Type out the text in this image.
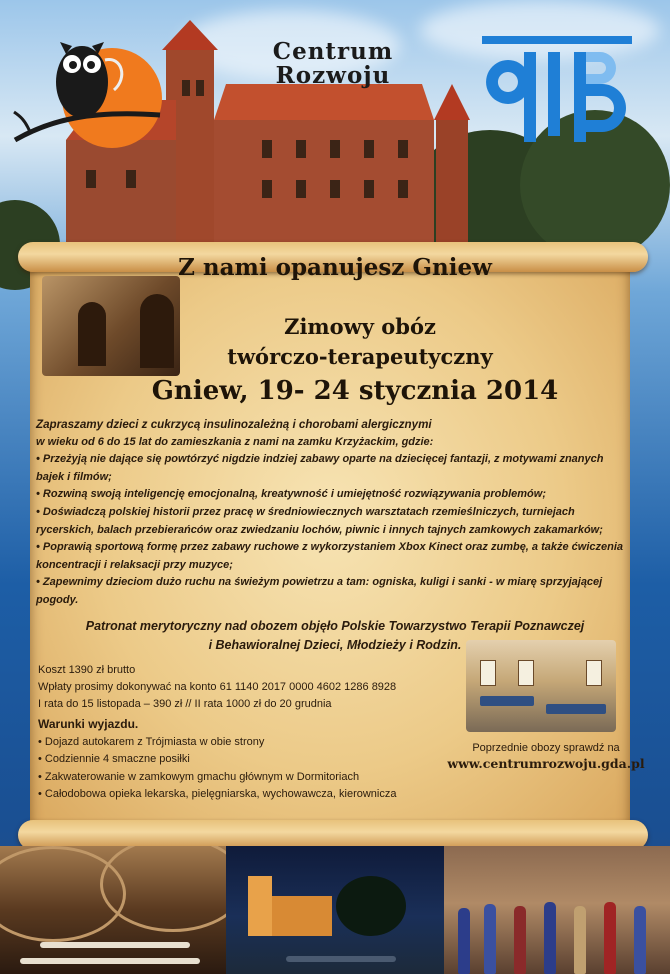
Centrum
Rozwoju
Z nami opanujesz Gniew
Zimowy obóz
twórczo-terapeutyczny
Gniew, 19- 24 stycznia 2014

Zapraszamy dzieci z cukrzycą insulinozależną i chorobami alergicznymi

w wieku od 6 do 15 lat do zamieszkania z nami na zamku Krzyżackim, gdzie:

• Przeżyją nie dające się powtórzyć nigdzie indziej zabawy oparte na dziecięcej fantazji, z motywami znanych bajek i filmów;

• Rozwiną swoją inteligencję emocjonalną, kreatywność i umiejętność rozwiązywania problemów;

• Doświadczą polskiej historii przez pracę w średniowiecznych warsztatach rzemieślniczych, turniejach rycerskich, balach przebierańców oraz zwiedzaniu lochów, piwnic i innych tajnych zamkowych zakamarków;

• Poprawią sportową formę przez zabawy ruchowe z wykorzystaniem Xbox Kinect oraz zumbę, a także ćwiczenia koncentracji i relaksacji przy muzyce;

• Zapewnimy dzieciom dużo ruchu na świeżym powietrzu a tam: ogniska, kuligi i sanki - w miarę sprzyjającej pogody.

Patronat merytoryczny nad obozem objęło Polskie Towarzystwo Terapii Poznawczej
i Behawioralnej Dzieci, Młodzieży i Rodzin.

Koszt 1390 zł brutto

Wpłaty prosimy dokonywać na konto 61 1140 2017 0000 4602 1286 8928

I rata do 15 listopada – 390 zł // II rata 1000 zł do 20 grudnia

Warunki wyjazdu.

• Dojazd autokarem z Trójmiasta w obie strony

• Codziennie 4 smaczne posiłki

• Zakwaterowanie w zamkowym gmachu głównym w Dormitoriach

• Całodobowa opieka lekarska, pielęgniarska, wychowawcza, kierownicza

Poprzednie obozy sprawdź na
www.centrumrozwoju.gda.pl
